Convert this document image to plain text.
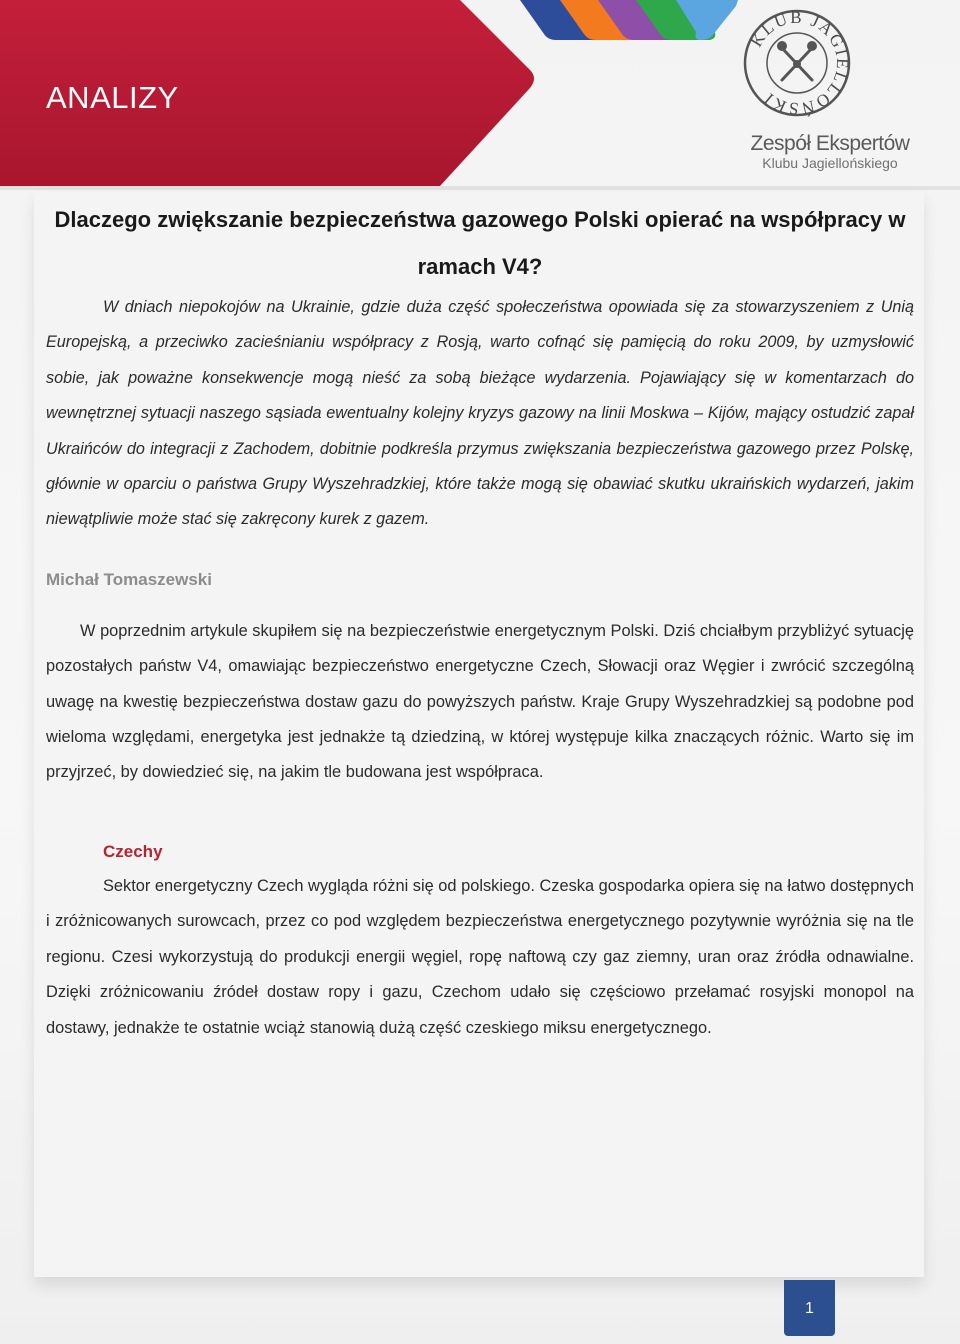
ANALIZY
KLUB JAGIELLOŃSKI
Zespół Ekspertów
Klubu Jagiellońskiego
Dlaczego zwiększanie bezpieczeństwa gazowego Polski opierać na współpracy w ramach V4?

W dniach niepokojów na Ukrainie, gdzie duża część społeczeństwa opowiada się za stowarzyszeniem z Unią Europejską, a przeciwko zacieśnianiu współpracy z Rosją, warto cofnąć się pamięcią do roku 2009, by uzmysłowić sobie, jak poważne konsekwencje mogą nieść za sobą bieżące wydarzenia. Pojawiający się w komentarzach do wewnętrznej sytuacji naszego sąsiada ewentualny kolejny kryzys gazowy na linii Moskwa – Kijów, mający ostudzić zapał Ukraińców do integracji z Zachodem, dobitnie podkreśla przymus zwiększania bezpieczeństwa gazowego przez Polskę, głównie w oparciu o państwa Grupy Wyszehradzkiej, które także mogą się obawiać skutku ukraińskich wydarzeń, jakim niewątpliwie może stać się zakręcony kurek z gazem.

Michał Tomaszewski

W poprzednim artykule skupiłem się na bezpieczeństwie energetycznym Polski. Dziś chciałbym przybliżyć sytuację pozostałych państw V4, omawiając bezpieczeństwo energetyczne Czech, Słowacji oraz Węgier i zwrócić szczególną uwagę na kwestię bezpieczeństwa dostaw gazu do powyższych państw. Kraje Grupy Wyszehradzkiej są podobne pod wieloma względami, energetyka jest jednakże tą dziedziną, w której występuje kilka znaczących różnic. Warto się im przyjrzeć, by dowiedzieć się, na jakim tle budowana jest współpraca.

Czechy

Sektor energetyczny Czech wygląda różni się od polskiego. Czeska gospodarka opiera się na łatwo dostępnych i zróżnicowanych surowcach, przez co pod względem bezpieczeństwa energetycznego pozytywnie wyróżnia się na tle regionu. Czesi wykorzystują do produkcji energii węgiel, ropę naftową czy gaz ziemny, uran oraz źródła odnawialne. Dzięki zróżnicowaniu źródeł dostaw ropy i gazu, Czechom udało się częściowo przełamać rosyjski monopol na dostawy, jednakże te ostatnie wciąż stanowią dużą część czeskiego miksu energetycznego.

1
